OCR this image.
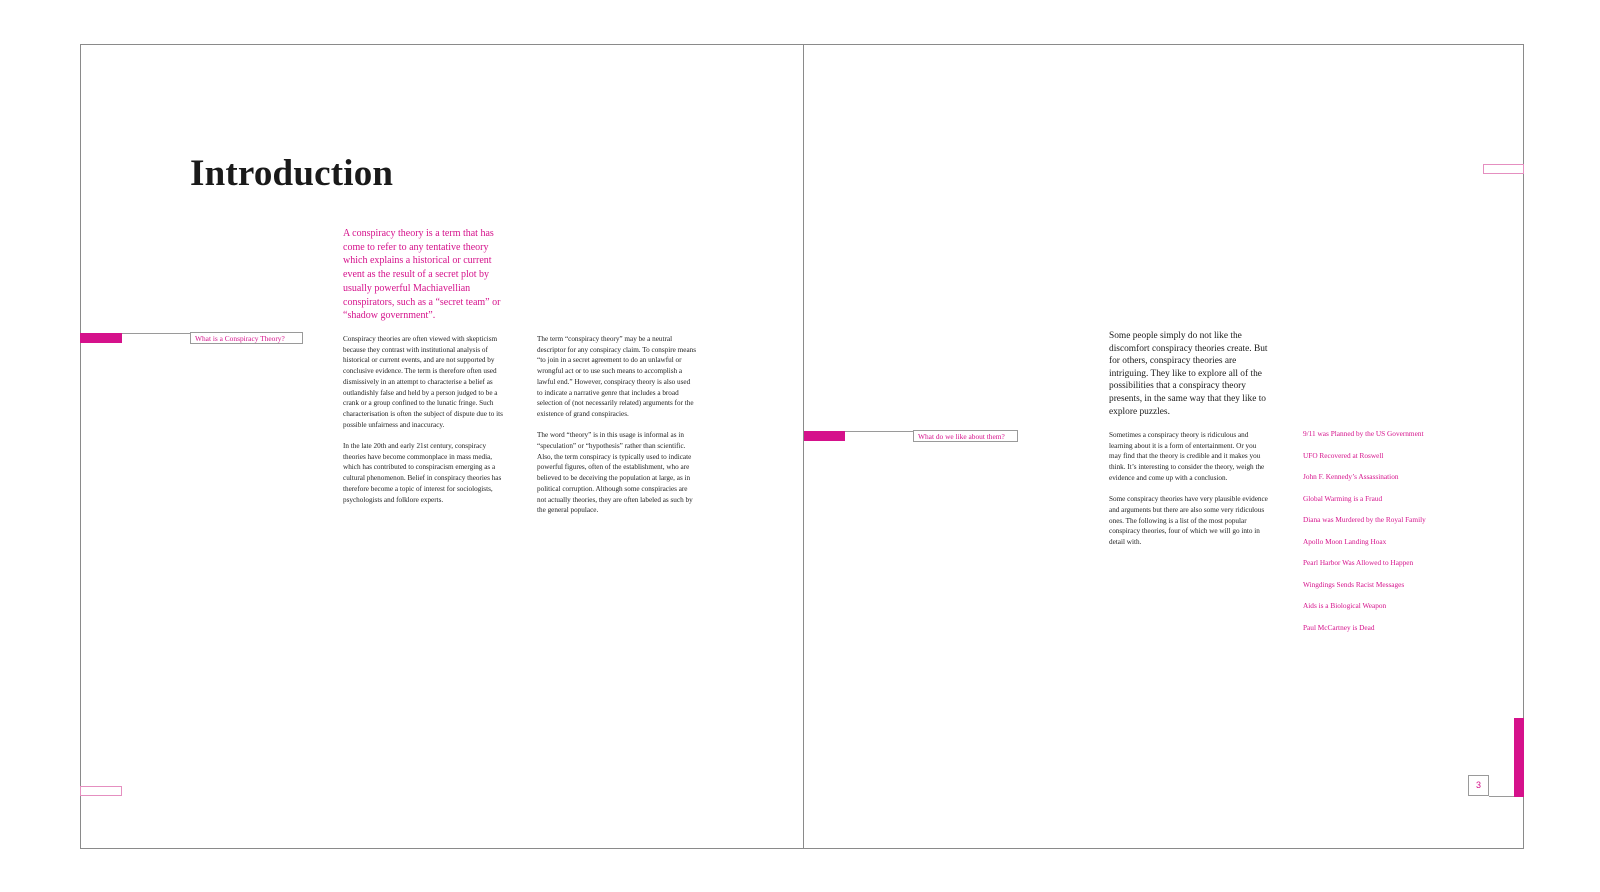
Introduction
A conspiracy theory is a term that has come to refer to any tentative theory which explains a historical or current event as the result of a secret plot by usually powerful Machiavellian conspirators, such as a “secret team” or “shadow government”.
What is a Conspiracy Theory?	Conspiracy theories are often viewed with skepticism because they contrast with institutional analysis of historical or current events, and are not supported by conclusive evidence. The term is therefore often used dismissively in an attempt to characterise a belief as outlandishly false and held by a person judged to be a crank or a group confined to the lunatic fringe. Such characterisation is often the subject of dispute due to its possible unfairness and inaccuracy.

In the late 20th and early 21st century, conspiracy theories have become commonplace in mass media, which has contributed to conspiracism emerging as a cultural phenomenon. Belief in conspiracy theories has therefore become a topic of interest for sociologists, psychologists and folklore experts.

The term “conspiracy theory” may be a neutral descriptor for any conspiracy claim. To conspire means “to join in a secret agreement to do an unlawful or wrongful act or to use such means to accomplish a lawful end.” However, conspiracy theory is also used to indicate a narrative genre that includes a broad selection of (not necessarily related) arguments for the existence of grand conspiracies.

The word “theory” is in this usage is informal as in “speculation” or “hypothesis” rather than scientific. Also, the term conspiracy is typically used to indicate powerful figures, often of the establishment, who are believed to be deceiving the population at large, as in political corruption. Although some conspiracies are not actually theories, they are often labeled as such by the general populace.

Some people simply do not like the discomfort conspiracy theories create. But for others, conspiracy theories are intriguing. They like to explore all of the possibilities that a conspiracy theory presents, in the same way that they like to explore puzzles.
What do we like about them?	Sometimes a conspiracy theory is ridiculous and learning about it is a form of entertainment. Or you may find that the theory is credible and it makes you think. It’s interesting to consider the theory, weigh the evidence and come up with a conclusion.

Some conspiracy theories have very plausible evidence and arguments but there are also some very ridiculous ones. The following is a list of the most popular conspiracy theories, four of which we will go into in detail with.

9/11 was Planned by the US Government
UFO Recovered at Roswell
John F. Kennedy’s Assassination
Global Warming is a Fraud
Diana was Murdered by the Royal Family
Apollo Moon Landing Hoax
Pearl Harbor Was Allowed to Happen
Wingdings Sends Racist Messages
Aids is a Biological Weapon
Paul McCartney is Dead
3
